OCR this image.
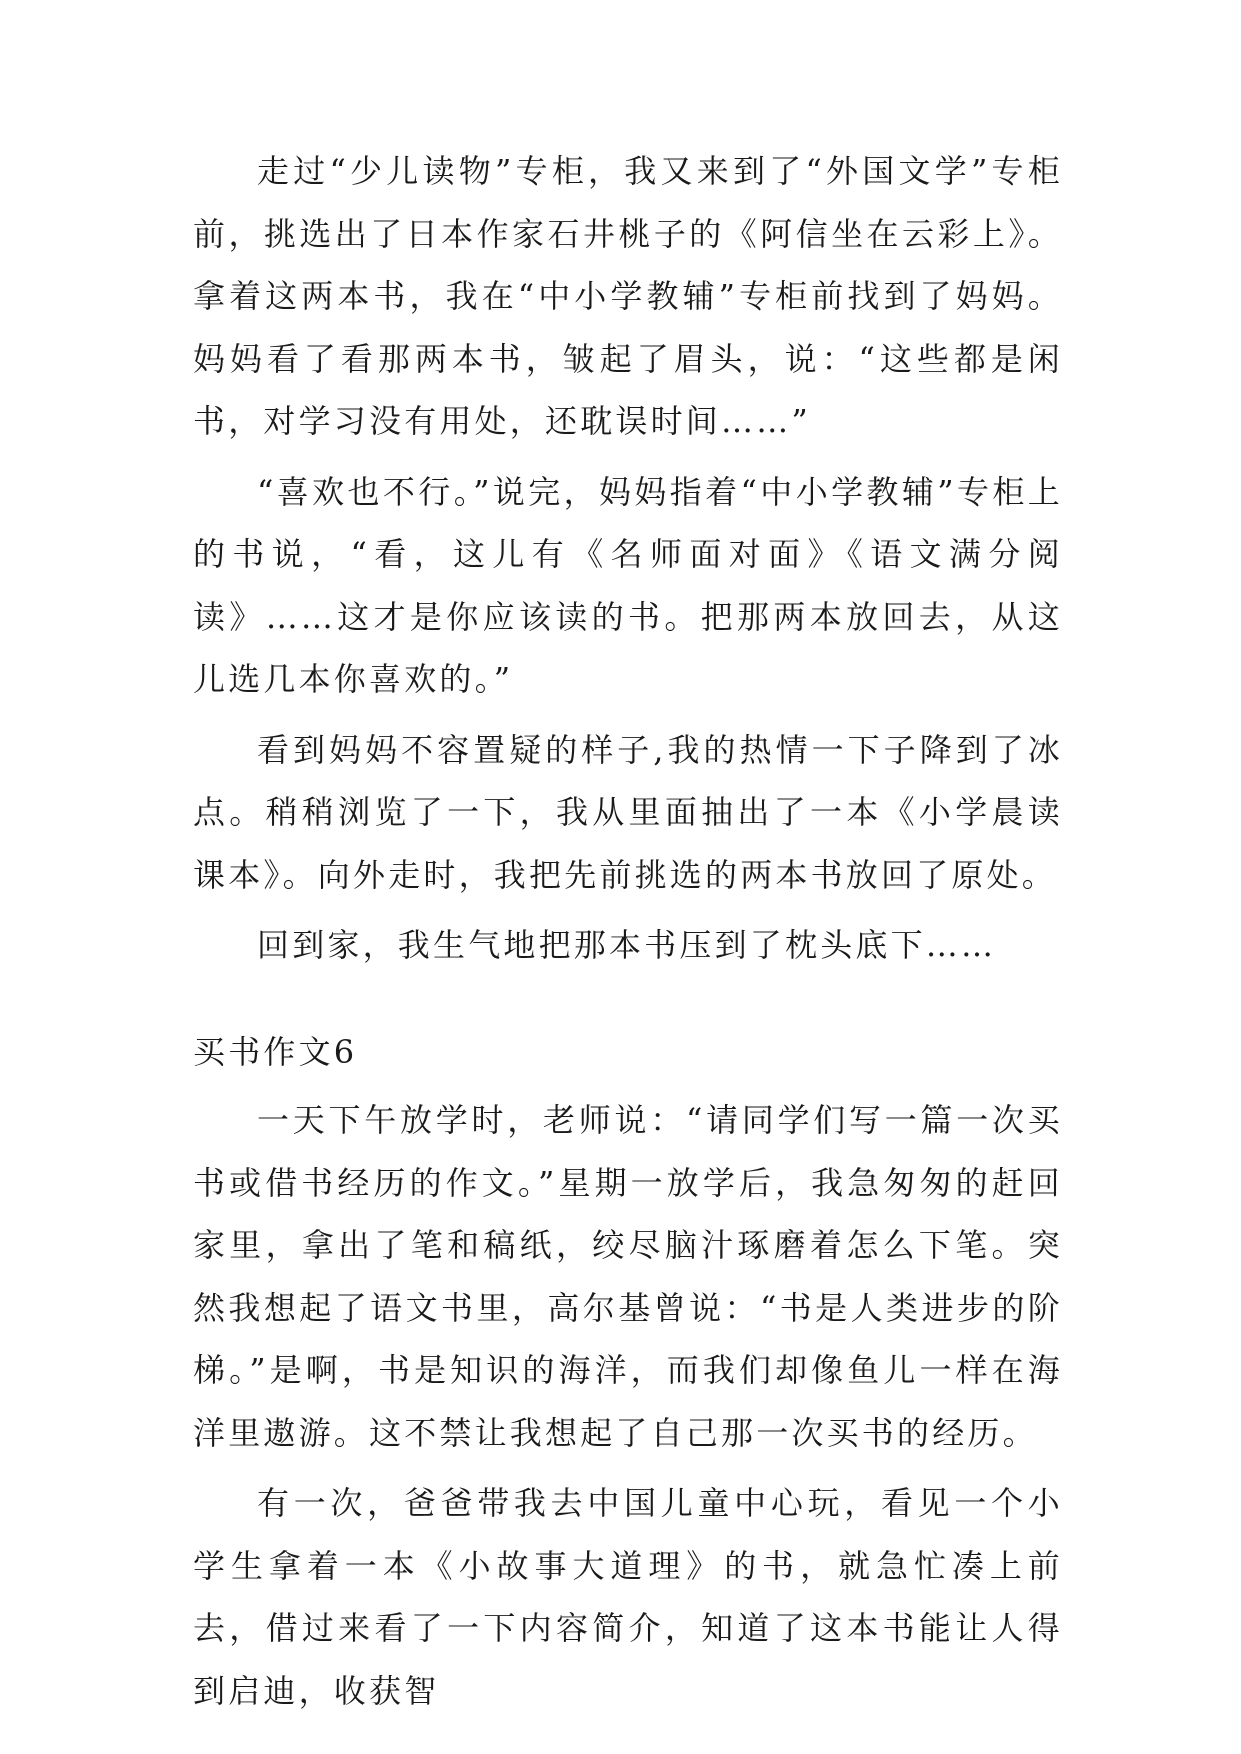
走过“少儿读物”专柜，我又来到了“外国文学”专柜前，挑选出了日本作家石井桃子的《阿信坐在云彩上》。拿着这两本书，我在“中小学教辅”专柜前找到了妈妈。妈妈看了看那两本书，皱起了眉头，说：“这些都是闲书，对学习没有用处，还耽误时间……”

“喜欢也不行。”说完，妈妈指着“中小学教辅”专柜上的书说，“看，这儿有《名师面对面》《语文满分阅读》……这才是你应该读的书。把那两本放回去，从这儿选几本你喜欢的。”

看到妈妈不容置疑的样子,我的热情一下子降到了冰点。稍稍浏览了一下，我从里面抽出了一本《小学晨读课本》。向外走时，我把先前挑选的两本书放回了原处。

回到家，我生气地把那本书压到了枕头底下……

买书作文6

一天下午放学时，老师说：“请同学们写一篇一次买书或借书经历的作文。”星期一放学后，我急匆匆的赶回家里，拿出了笔和稿纸，绞尽脑汁琢磨着怎么下笔。突然我想起了语文书里，高尔基曾说：“书是人类进步的阶梯。”是啊，书是知识的海洋，而我们却像鱼儿一样在海洋里遨游。这不禁让我想起了自己那一次买书的经历。

有一次，爸爸带我去中国儿童中心玩，看见一个小学生拿着一本《小故事大道理》的书，就急忙凑上前去，借过来看了一下内容简介，知道了这本书能让人得到启迪，收获智
